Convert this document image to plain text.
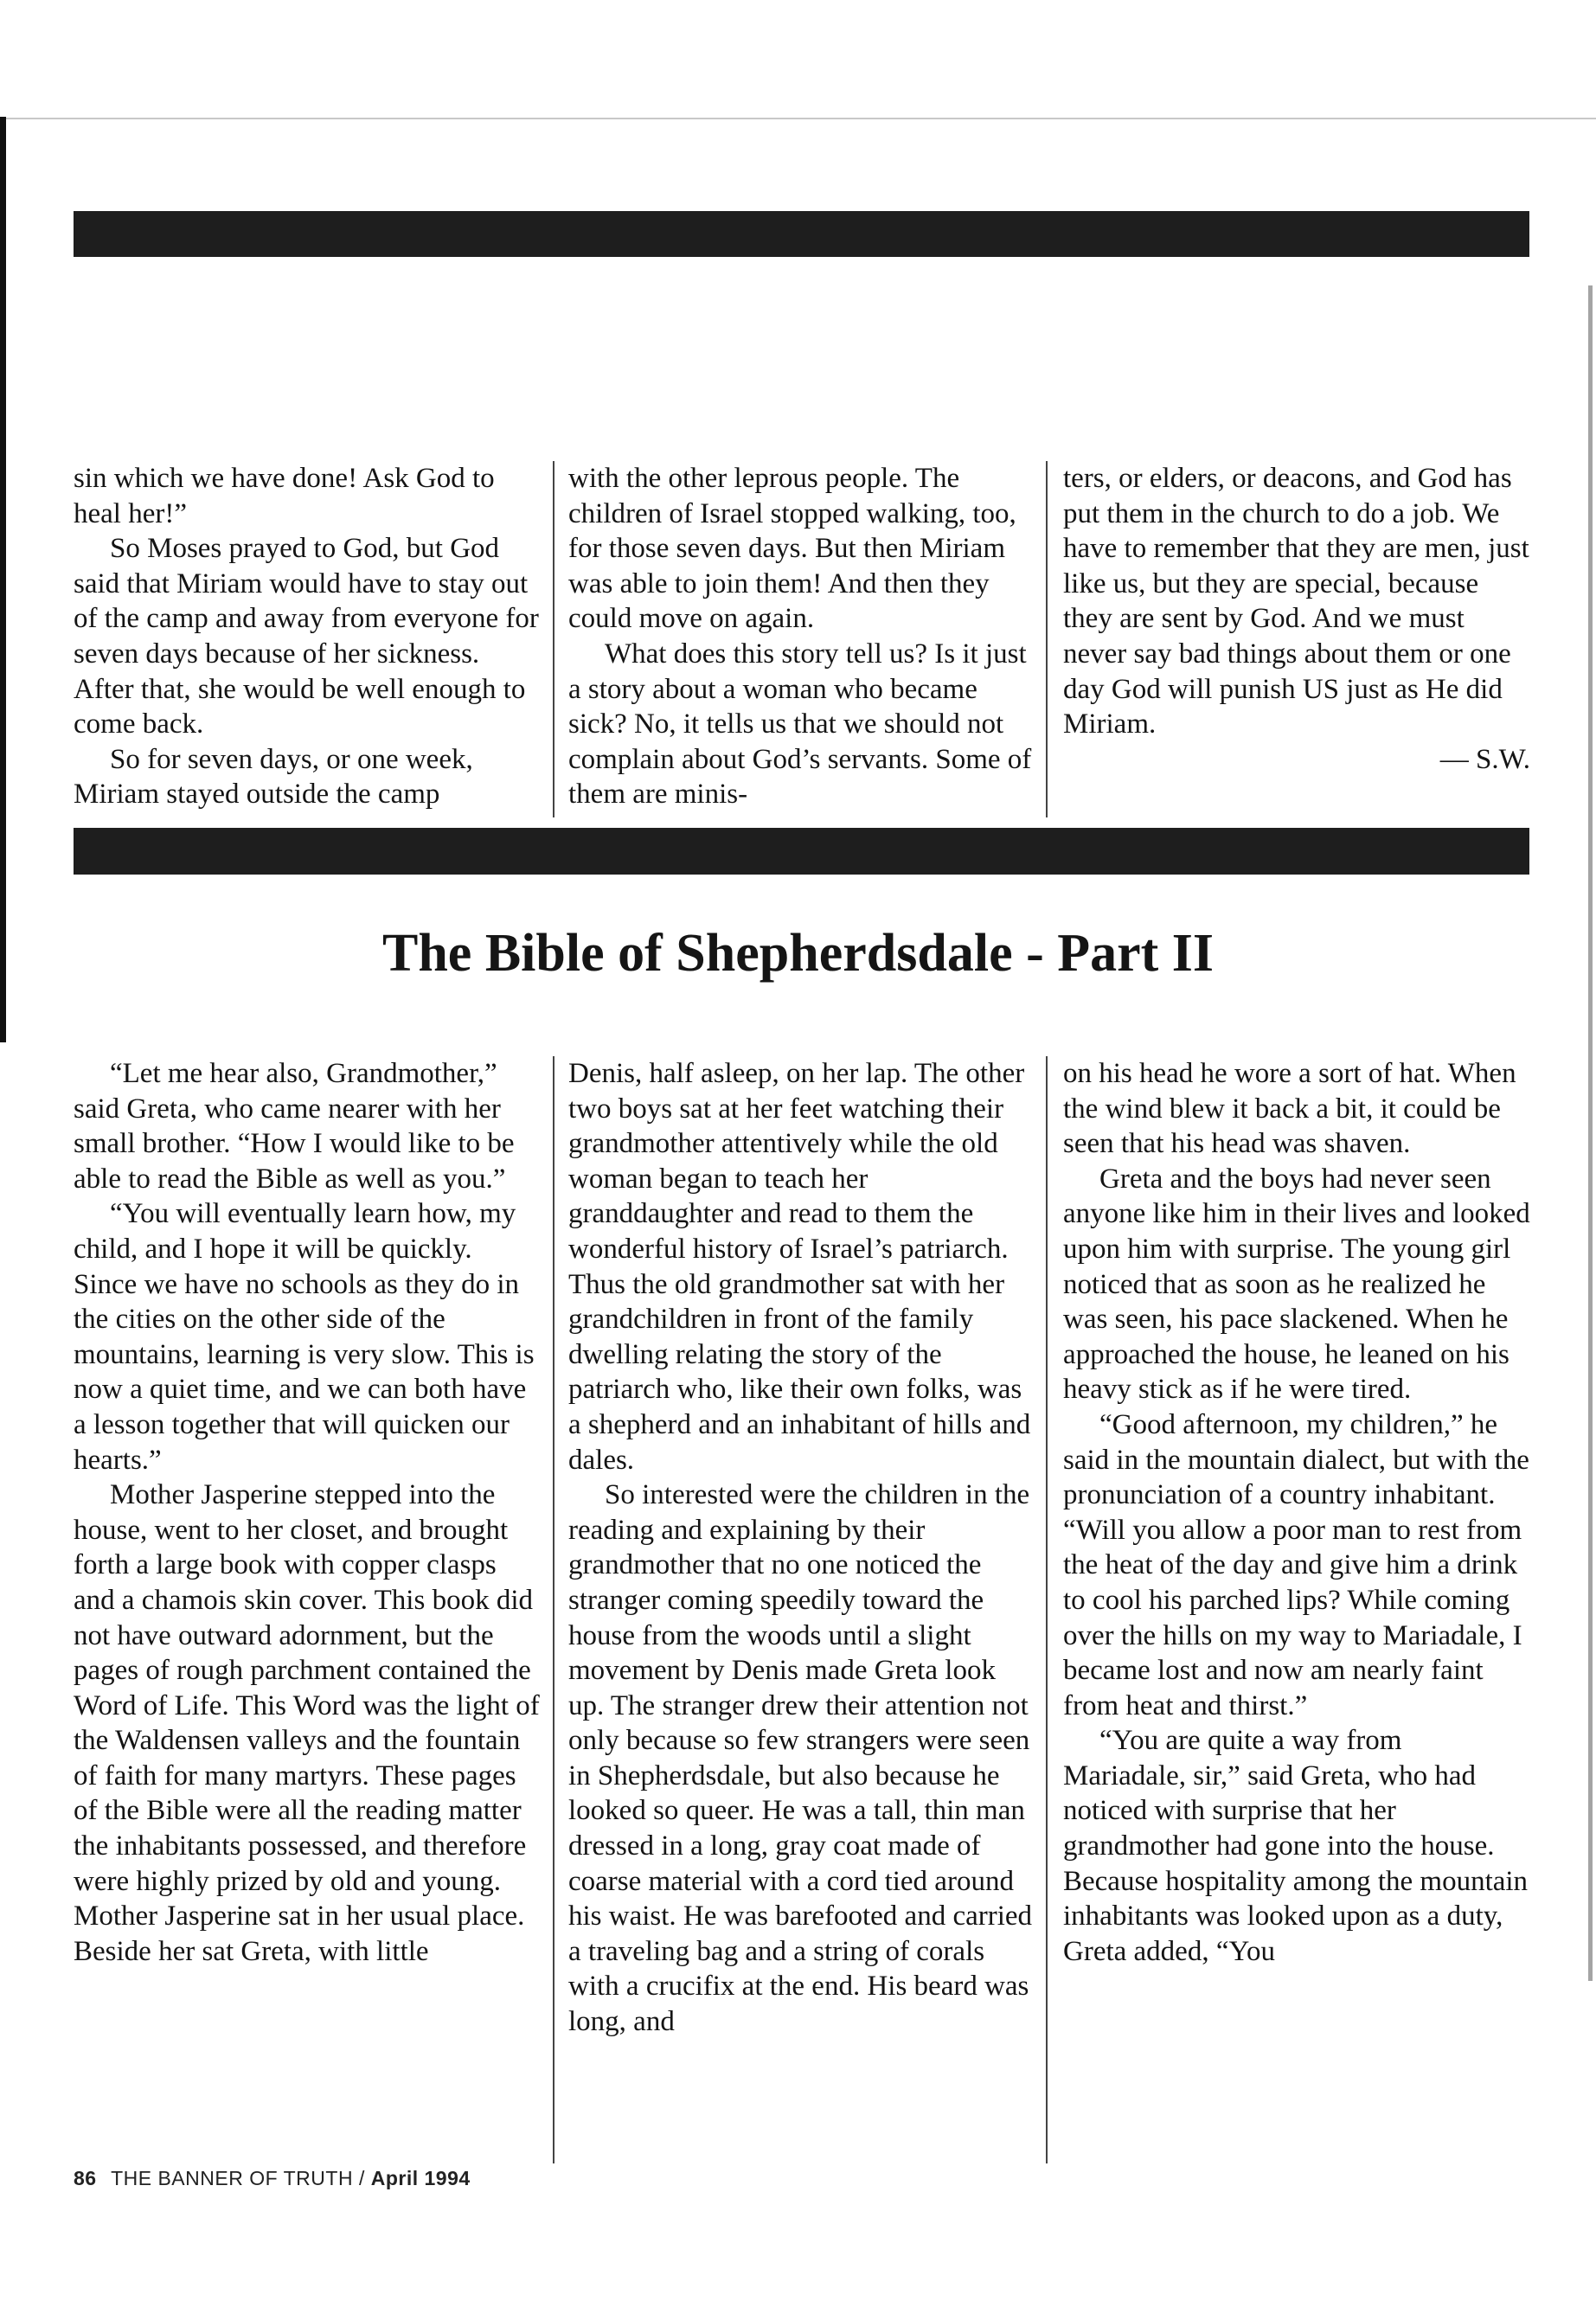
sin which we have done! Ask God to heal her!”

So Moses prayed to God, but God said that Miriam would have to stay out of the camp and away from everyone for seven days because of her sickness. After that, she would be well enough to come back.

So for seven days, or one week, Miriam stayed outside the camp

with the other leprous people. The children of Israel stopped walking, too, for those seven days. But then Miriam was able to join them! And then they could move on again.

What does this story tell us? Is it just a story about a woman who became sick? No, it tells us that we should not complain about God’s servants. Some of them are minis-

ters, or elders, or deacons, and God has put them in the church to do a job. We have to remember that they are men, just like us, but they are special, because they are sent by God. And we must never say bad things about them or one day God will punish US just as He did Miriam.

— S.W.

The Bible of Shepherdsdale - Part II

“Let me hear also, Grandmother,” said Greta, who came nearer with her small brother. “How I would like to be able to read the Bible as well as you.”

“You will eventually learn how, my child, and I hope it will be quickly. Since we have no schools as they do in the cities on the other side of the mountains, learning is very slow. This is now a quiet time, and we can both have a lesson together that will quicken our hearts.”

Mother Jasperine stepped into the house, went to her closet, and brought forth a large book with copper clasps and a chamois skin cover. This book did not have outward adornment, but the pages of rough parchment contained the Word of Life. This Word was the light of the Waldensen valleys and the fountain of faith for many martyrs. These pages of the Bible were all the reading matter the inhabitants possessed, and therefore were highly prized by old and young. Mother Jasperine sat in her usual place. Beside her sat Greta, with little

Denis, half asleep, on her lap. The other two boys sat at her feet watching their grandmother attentively while the old woman began to teach her granddaughter and read to them the wonderful history of Israel’s patriarch. Thus the old grandmother sat with her grandchildren in front of the family dwelling relating the story of the patriarch who, like their own folks, was a shepherd and an inhabitant of hills and dales.

So interested were the children in the reading and explaining by their grandmother that no one noticed the stranger coming speedily toward the house from the woods until a slight movement by Denis made Greta look up. The stranger drew their attention not only because so few strangers were seen in Shepherdsdale, but also because he looked so queer. He was a tall, thin man dressed in a long, gray coat made of coarse material with a cord tied around his waist. He was barefooted and carried a traveling bag and a string of corals with a crucifix at the end. His beard was long, and

on his head he wore a sort of hat. When the wind blew it back a bit, it could be seen that his head was shaven.

Greta and the boys had never seen anyone like him in their lives and looked upon him with surprise. The young girl noticed that as soon as he realized he was seen, his pace slackened. When he approached the house, he leaned on his heavy stick as if he were tired.

“Good afternoon, my children,” he said in the mountain dialect, but with the pronunciation of a country inhabitant. “Will you allow a poor man to rest from the heat of the day and give him a drink to cool his parched lips? While coming over the hills on my way to Mariadale, I became lost and now am nearly faint from heat and thirst.”

“You are quite a way from Mariadale, sir,” said Greta, who had noticed with surprise that her grandmother had gone into the house. Because hospitality among the mountain inhabitants was looked upon as a duty, Greta added, “You

86 THE BANNER OF TRUTH / April 1994
